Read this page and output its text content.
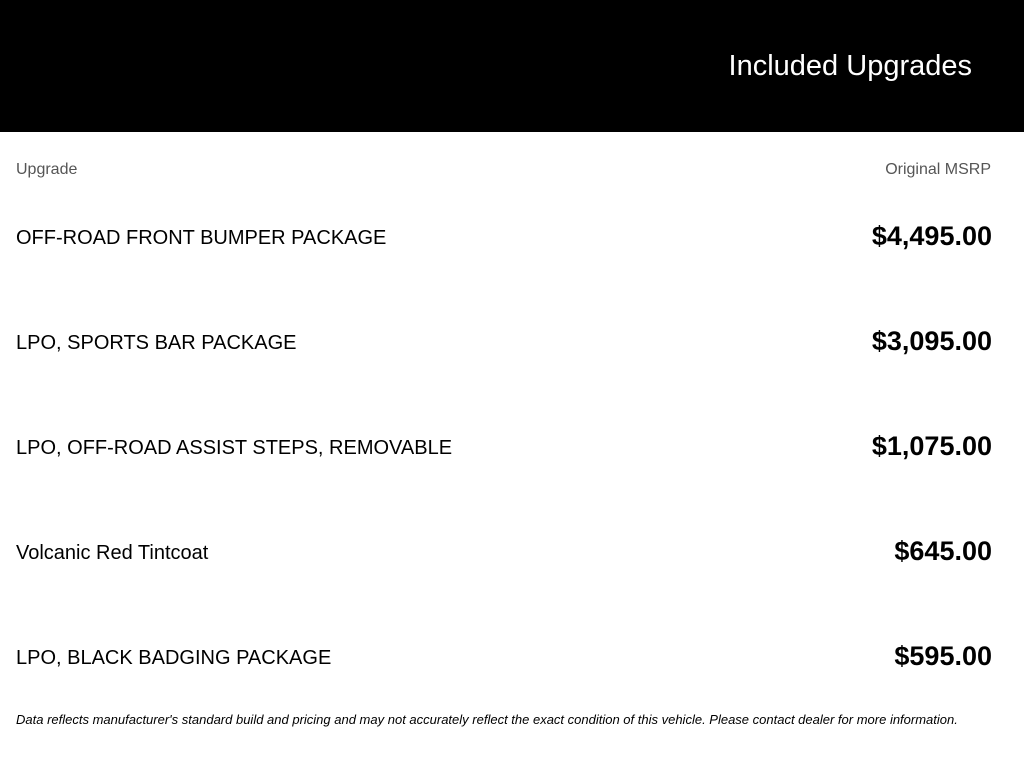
Included Upgrades
Upgrade	Original MSRP
OFF-ROAD FRONT BUMPER PACKAGE	$4,495.00
LPO, SPORTS BAR PACKAGE	$3,095.00
LPO, OFF-ROAD ASSIST STEPS, REMOVABLE	$1,075.00
Volcanic Red Tintcoat	$645.00
LPO, BLACK BADGING PACKAGE	$595.00
Data reflects manufacturer's standard build and pricing and may not accurately reflect the exact condition of this vehicle. Please contact dealer for more information.
